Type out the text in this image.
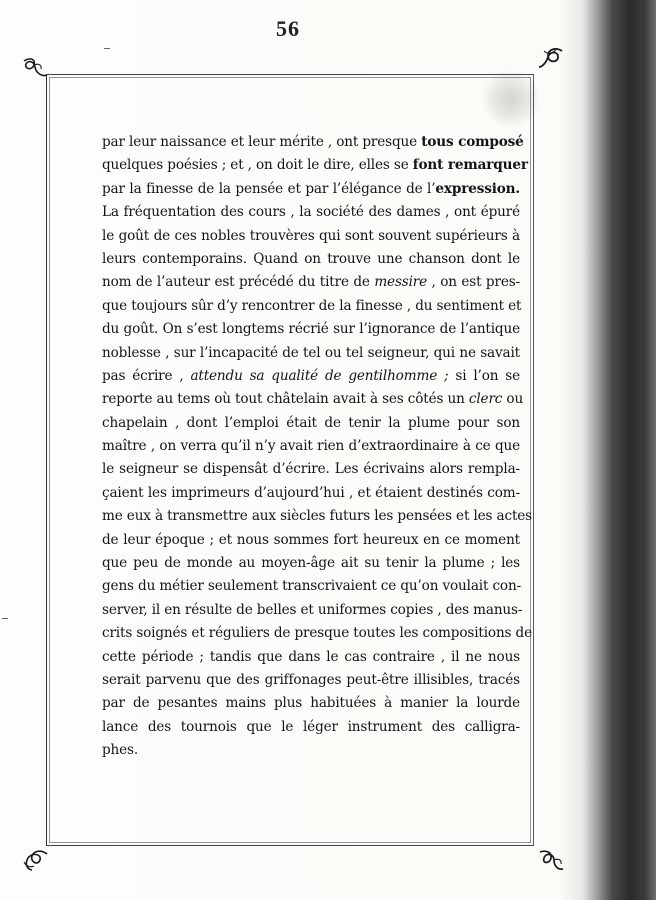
56
par leur naissance et leur mérite , ont presque tous composé
quelques poésies ; et , on doit le dire, elles se font remarquer
par la finesse de la pensée et par l’élégance de l’expression.
La fréquentation des cours , la société des dames , ont épuré
le goût de ces nobles trouvères qui sont souvent supérieurs à
leurs contemporains. Quand on trouve une chanson dont le
nom de l’auteur est précédé du titre de messire , on est pres-
que toujours sûr d’y rencontrer de la finesse , du sentiment et
du goût. On s’est longtems récrié sur l’ignorance de l’antique
noblesse , sur l’incapacité de tel ou tel seigneur, qui ne savait
pas écrire , attendu sa qualité de gentilhomme ; si l’on se
reporte au tems où tout châtelain avait à ses côtés un clerc ou
chapelain , dont l’emploi était de tenir la plume pour son
maître , on verra qu’il n’y avait rien d’extraordinaire à ce que
le seigneur se dispensât d’écrire. Les écrivains alors rempla-
çaient les imprimeurs d’aujourd’hui , et étaient destinés com-
me eux à transmettre aux siècles futurs les pensées et les actes
de leur époque ; et nous sommes fort heureux en ce moment
que peu de monde au moyen-âge ait su tenir la plume ; les
gens du métier seulement transcrivaient ce qu’on voulait con-
server, il en résulte de belles et uniformes copies , des manus-
crits soignés et réguliers de presque toutes les compositions de
cette période ; tandis que dans le cas contraire , il ne nous
serait parvenu que des griffonages peut-être illisibles, tracés
par de pesantes mains plus habituées à manier la lourde
lance des tournois que le léger instrument des calligra-
phes.
